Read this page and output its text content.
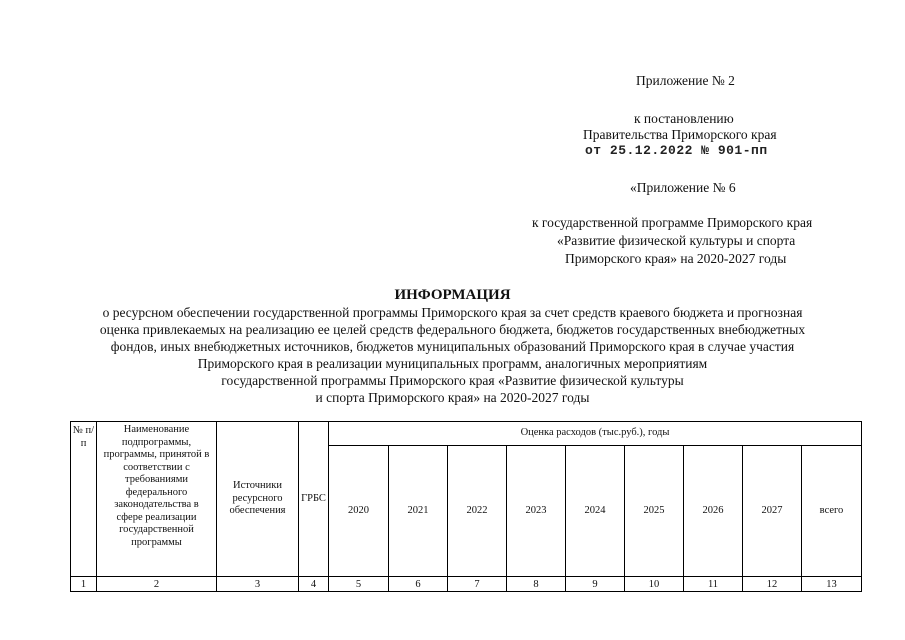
Приложение № 2
к постановлению
Правительства Приморского края
от 25.12.2022 № 901-пп
«Приложение № 6
к государственной программе Приморского края
«Развитие физической культуры и спорта
Приморского края» на 2020-2027 годы
ИНФОРМАЦИЯ
о ресурсном обеспечении государственной программы Приморского края за счет средств краевого бюджета и прогнозная
оценка привлекаемых на реализацию ее целей средств федерального бюджета, бюджетов государственных внебюджетных
фондов, иных внебюджетных источников, бюджетов муниципальных образований Приморского края в случае участия
Приморского края в реализации муниципальных программ, аналогичных мероприятиям
государственной программы Приморского края «Развитие физической культуры
и спорта Приморского края» на 2020-2027 годы
№ п/п	Наименование подпрограммы, программы, принятой в соответствии с требованиями федерального законодательства в сфере реализации государственной программы	Источники ресурсного обеспечения	ГРБС	Оценка расходов (тыс.руб.), годы								
				2020	2021	2022	2023	2024	2025	2026	2027	всего
1	2	3	4	5	6	7	8	9	10	11	12	13
